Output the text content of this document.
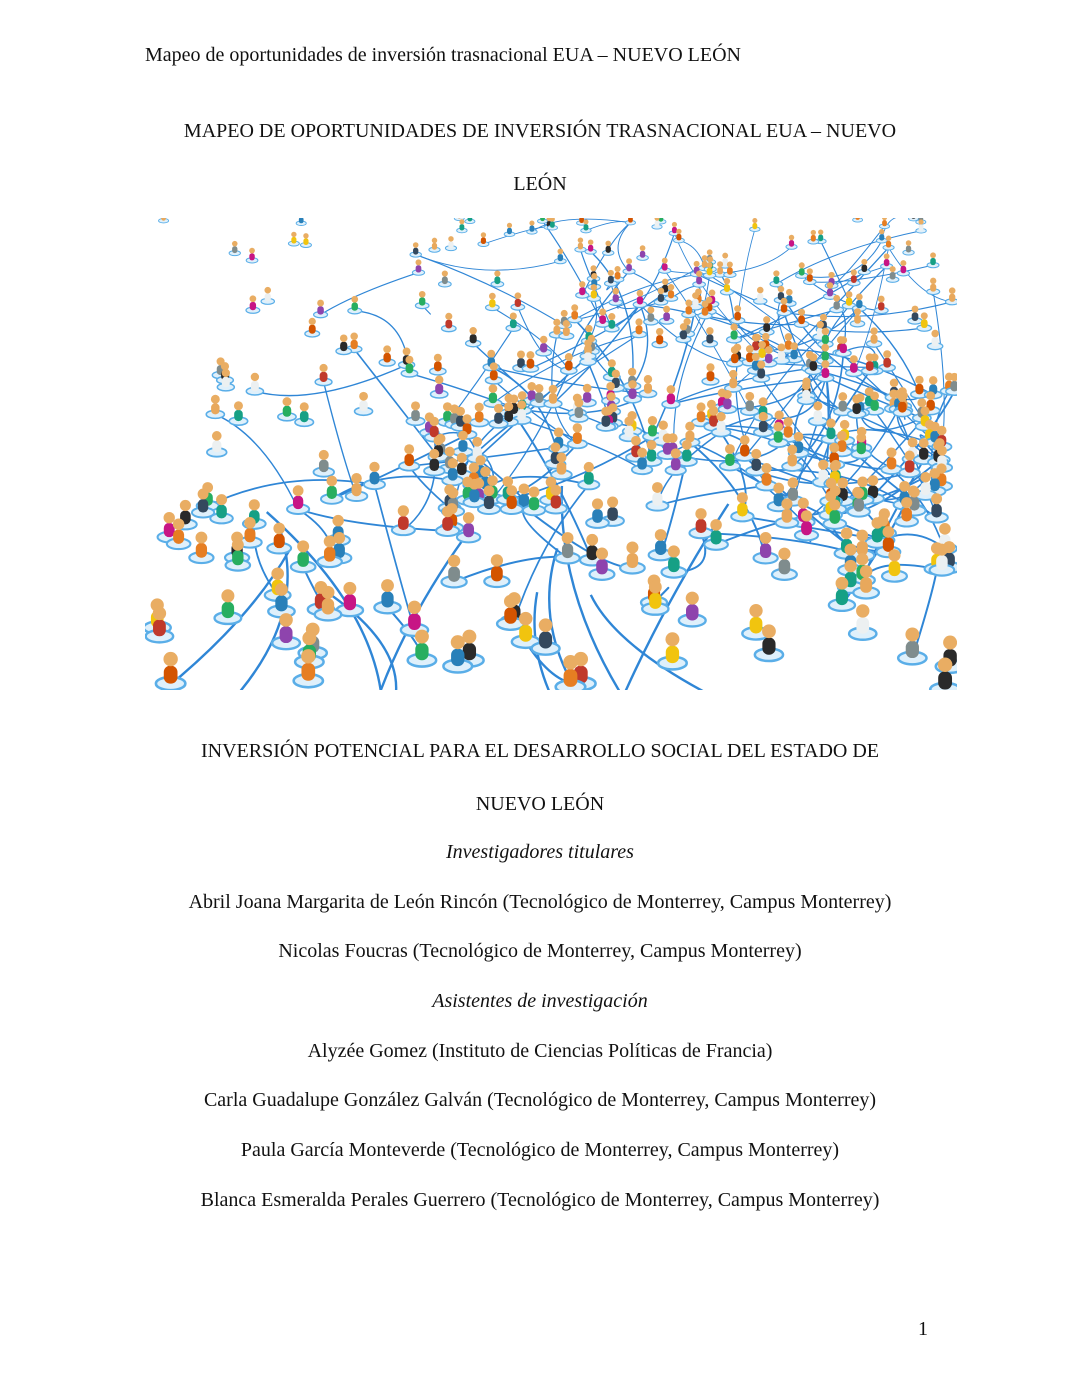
Mapeo de oportunidades de inversión trasnacional EUA – NUEVO LEÓN
MAPEO DE OPORTUNIDADES DE INVERSIÓN TRASNACIONAL EUA – NUEVO
LEÓN
INVERSIÓN POTENCIAL PARA EL DESARROLLO SOCIAL DEL ESTADO DE
NUEVO LEÓN
Investigadores titulares
Abril Joana Margarita de León Rincón (Tecnológico de Monterrey, Campus Monterrey)
Nicolas Foucras (Tecnológico de Monterrey, Campus Monterrey)
Asistentes de investigación
Alyzée Gomez (Instituto de Ciencias Políticas de Francia)
Carla Guadalupe González Galván (Tecnológico de Monterrey, Campus Monterrey)
Paula García Monteverde (Tecnológico de Monterrey, Campus Monterrey)
Blanca Esmeralda Perales Guerrero (Tecnológico de Monterrey, Campus Monterrey)
1
